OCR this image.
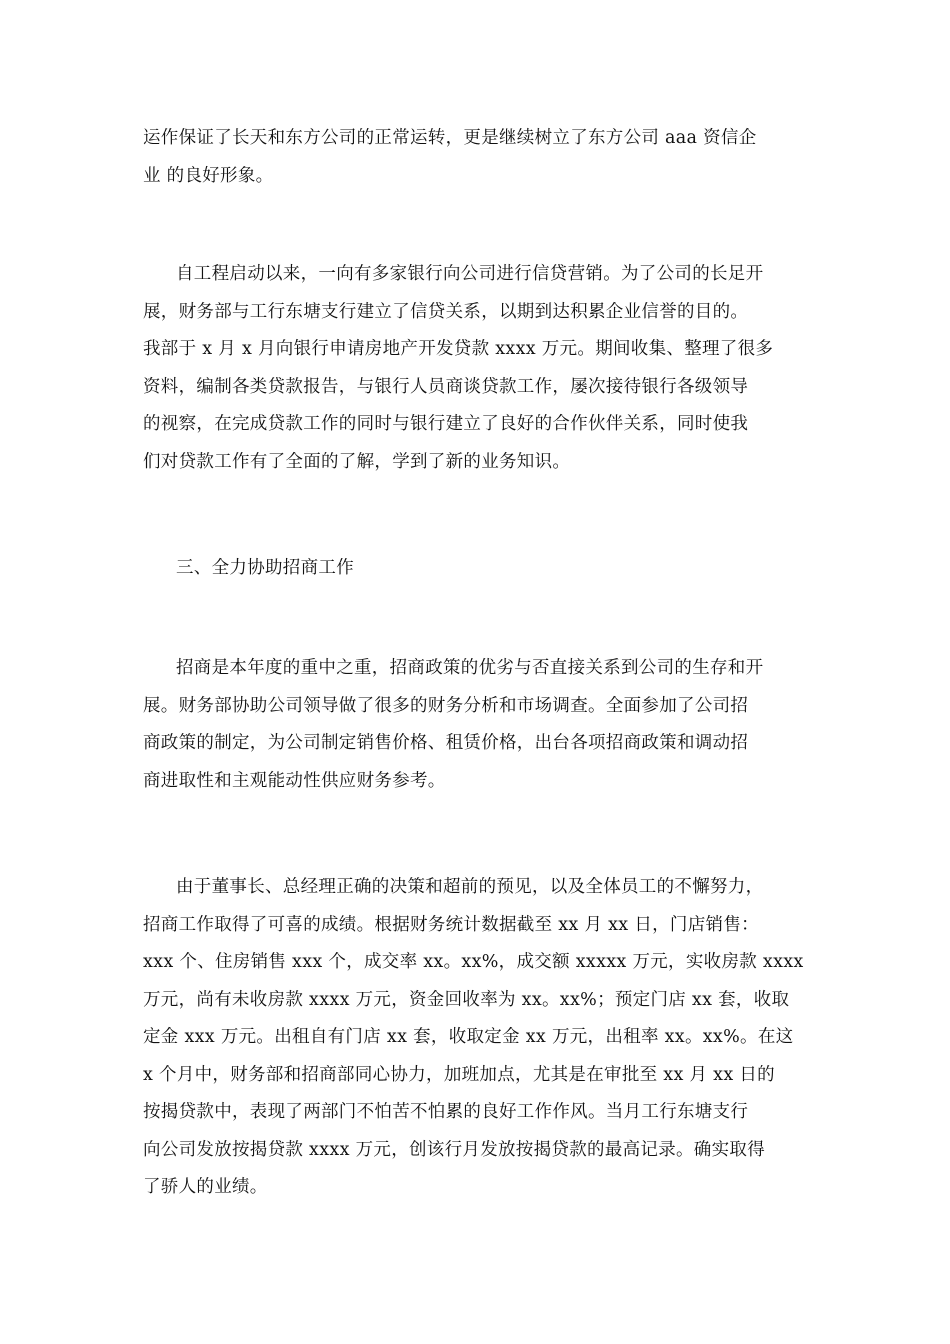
运作保证了长天和东方公司的正常运转，更是继续树立了东方公司 aaa 资信企
业 的良好形象。

自工程启动以来，一向有多家银行向公司进行信贷营销。为了公司的长足开
展，财务部与工行东塘支行建立了信贷关系，以期到达积累企业信誉的目的。
我部于 x 月 x 月向银行申请房地产开发贷款 xxxx 万元。期间收集、整理了很多
资料，编制各类贷款报告，与银行人员商谈贷款工作，屡次接待银行各级领导
的视察，在完成贷款工作的同时与银行建立了良好的合作伙伴关系，同时使我
们对贷款工作有了全面的了解，学到了新的业务知识。

三、全力协助招商工作

招商是本年度的重中之重，招商政策的优劣与否直接关系到公司的生存和开
展。财务部协助公司领导做了很多的财务分析和市场调查。全面参加了公司招
商政策的制定，为公司制定销售价格、租赁价格，出台各项招商政策和调动招
商进取性和主观能动性供应财务参考。

由于董事长、总经理正确的决策和超前的预见，以及全体员工的不懈努力，
招商工作取得了可喜的成绩。根据财务统计数据截至 xx 月 xx 日，门店销售：
xxx 个、住房销售 xxx 个，成交率 xx。xx%，成交额 xxxxx 万元，实收房款 xxxx
万元，尚有未收房款 xxxx 万元，资金回收率为 xx。xx%；预定门店 xx 套，收取
定金 xxx 万元。出租自有门店 xx 套，收取定金 xx 万元，出租率 xx。xx%。在这
x 个月中，财务部和招商部同心协力，加班加点，尤其是在审批至 xx 月 xx 日的
按揭贷款中，表现了两部门不怕苦不怕累的良好工作作风。当月工行东塘支行
向公司发放按揭贷款 xxxx 万元，创该行月发放按揭贷款的最高记录。确实取得
了骄人的业绩。
